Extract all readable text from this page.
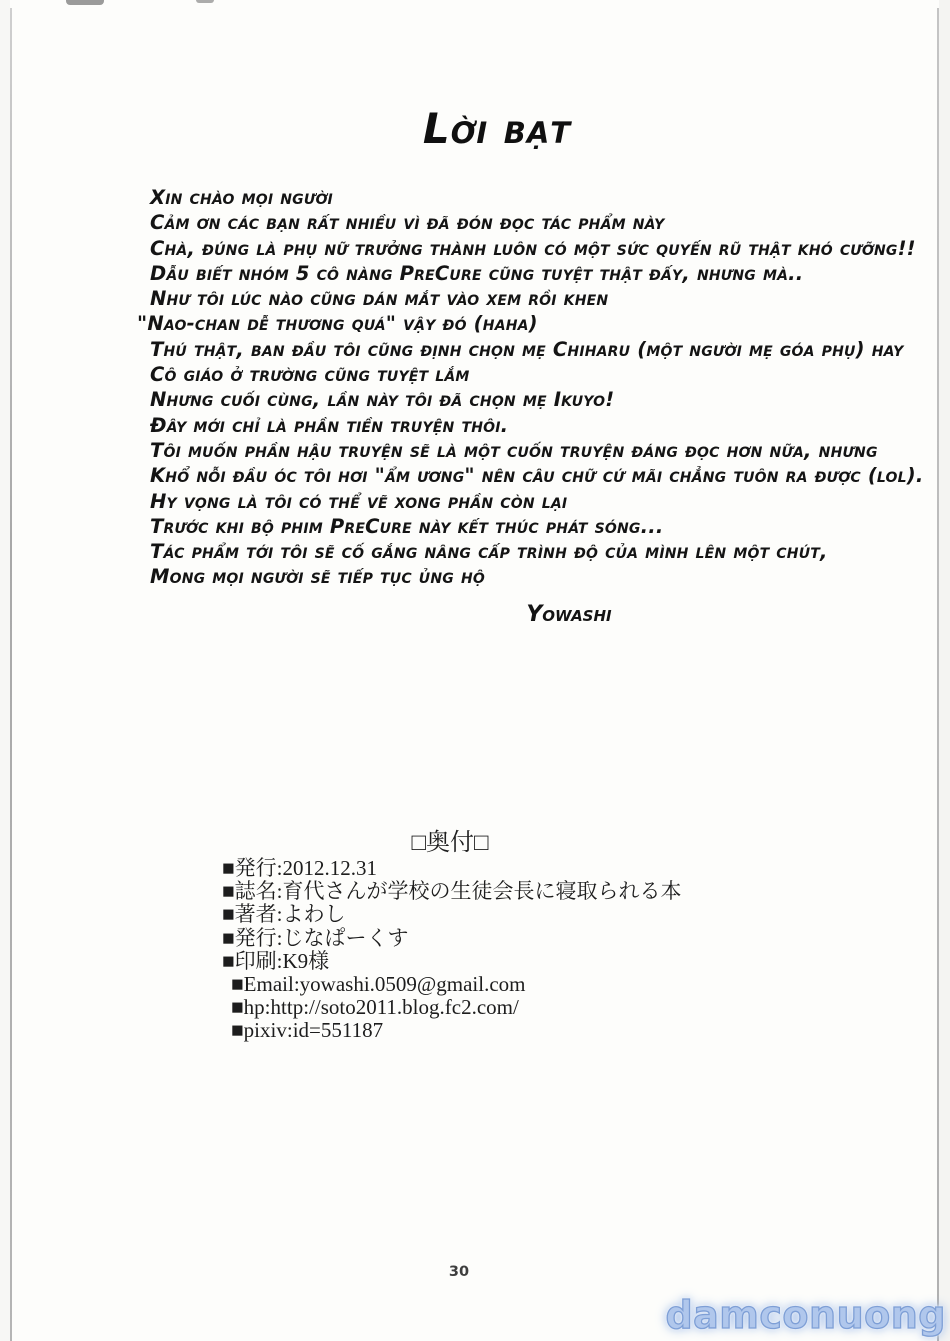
Lời bạt
Xin chào mọi người
Cảm ơn các bạn rất nhiều vì đã đón đọc tác phẩm này
Chà, đúng là phụ nữ trưởng thành luôn có một sức quyến rũ thật khó cưỡng!!
Dẫu biết nhóm 5 cô nàng PreCure cũng tuyệt thật đấy, nhưng mà..
Như tôi lúc nào cũng dán mắt vào xem rồi khen
"Nao-chan dễ thương quá" vậy đó (haha)
Thú thật, ban đầu tôi cũng định chọn mẹ Chiharu (một người mẹ góa phụ) hay
Cô giáo ở trường cũng tuyệt lắm
Nhưng cuối cùng, lần này tôi đã chọn mẹ Ikuyo!
Đây mới chỉ là phần tiền truyện thôi.
Tôi muốn phần hậu truyện sẽ là một cuốn truyện đáng đọc hơn nữa, nhưng
Khổ nỗi đầu óc tôi hơi "ẩm ương" nên câu chữ cứ mãi chẳng tuôn ra được (lol).
Hy vọng là tôi có thể vẽ xong phần còn lại
Trước khi bộ phim PreCure này kết thúc phát sóng...
Tác phẩm tới tôi sẽ cố gắng nâng cấp trình độ của mình lên một chút,
Mong mọi người sẽ tiếp tục ủng hộ
Yowashi
□奥付□
■発行:2012.12.31
■誌名:育代さんが学校の生徒会長に寝取られる本
■著者:よわし
■発行:じなぱーくす
■印刷:K9様
■Email:yowashi.0509@gmail.com
■hp:http://soto2011.blog.fc2.com/
■pixiv:id=551187
30
damconuong
